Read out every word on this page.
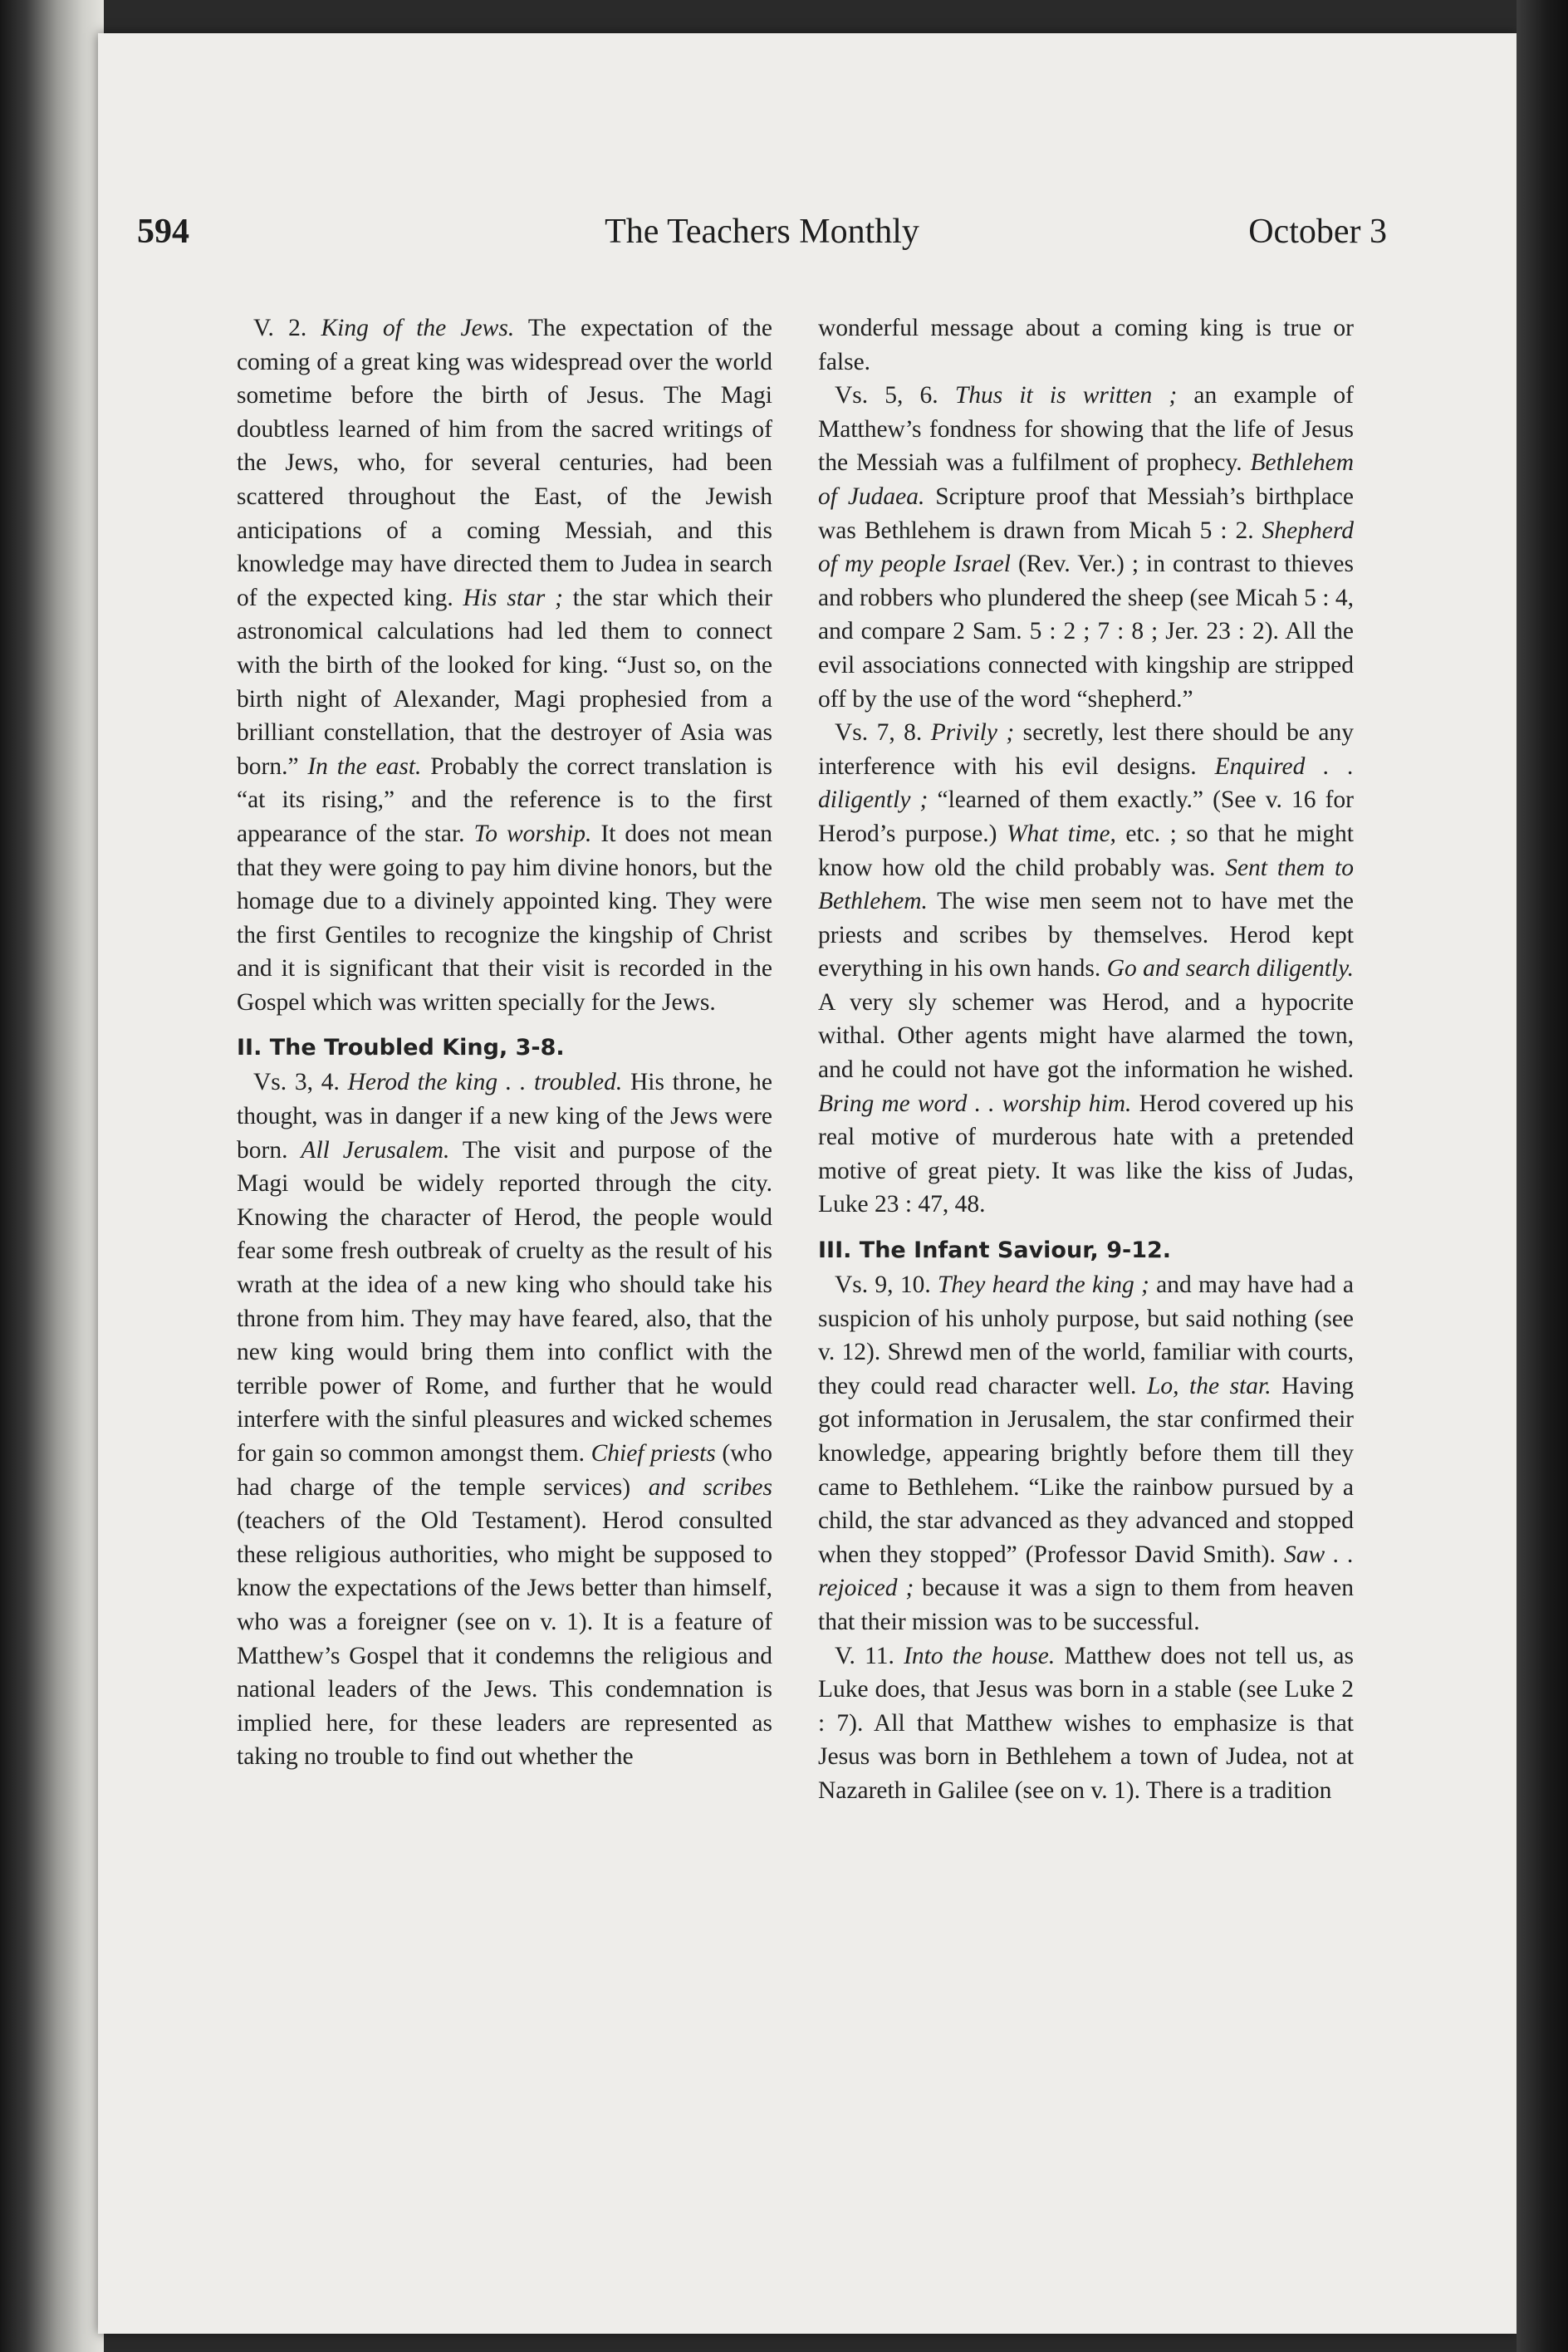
594	The Teachers Monthly	October 3

V. 2. King of the Jews. The expectation of the coming of a great king was widespread over the world sometime before the birth of Jesus. The Magi doubtless learned of him from the sacred writings of the Jews, who, for several centuries, had been scattered throughout the East, of the Jewish anticipations of a coming Messiah, and this knowledge may have directed them to Judea in search of the expected king. His star ; the star which their astronomical calculations had led them to connect with the birth of the looked for king. “Just so, on the birth night of Alexander, Magi prophesied from a brilliant constellation, that the destroyer of Asia was born.” In the east. Probably the correct translation is “at its rising,” and the reference is to the first appearance of the star. To worship. It does not mean that they were going to pay him divine honors, but the homage due to a divinely appointed king. They were the first Gentiles to recognize the kingship of Christ and it is significant that their visit is recorded in the Gospel which was written specially for the Jews.

II. The Troubled King, 3-8.

Vs. 3, 4. Herod the king . . troubled. His throne, he thought, was in danger if a new king of the Jews were born. All Jerusalem. The visit and purpose of the Magi would be widely reported through the city. Knowing the character of Herod, the people would fear some fresh outbreak of cruelty as the result of his wrath at the idea of a new king who should take his throne from him. They may have feared, also, that the new king would bring them into conflict with the terrible power of Rome, and further that he would interfere with the sinful pleasures and wicked schemes for gain so common amongst them. Chief priests (who had charge of the temple services) and scribes (teachers of the Old Testament). Herod consulted these religious authorities, who might be supposed to know the expectations of the Jews better than himself, who was a foreigner (see on v. 1). It is a feature of Matthew’s Gospel that it condemns the religious and national leaders of the Jews. This condemnation is implied here, for these leaders are represented as taking no trouble to find out whether the

wonderful message about a coming king is true or false.

Vs. 5, 6. Thus it is written ; an example of Matthew’s fondness for showing that the life of Jesus the Messiah was a fulfilment of prophecy. Bethlehem of Judaea. Scripture proof that Messiah’s birthplace was Bethlehem is drawn from Micah 5 : 2. Shepherd of my people Israel (Rev. Ver.) ; in contrast to thieves and robbers who plundered the sheep (see Micah 5 : 4, and compare 2 Sam. 5 : 2 ; 7 : 8 ; Jer. 23 : 2). All the evil associations connected with kingship are stripped off by the use of the word “shepherd.”

Vs. 7, 8. Privily ; secretly, lest there should be any interference with his evil designs. Enquired . . diligently ; “learned of them exactly.” (See v. 16 for Herod’s purpose.) What time, etc. ; so that he might know how old the child probably was. Sent them to Bethlehem. The wise men seem not to have met the priests and scribes by themselves. Herod kept everything in his own hands. Go and search diligently. A very sly schemer was Herod, and a hypocrite withal. Other agents might have alarmed the town, and he could not have got the information he wished. Bring me word . . worship him. Herod covered up his real motive of murderous hate with a pretended motive of great piety. It was like the kiss of Judas, Luke 23 : 47, 48.

III. The Infant Saviour, 9-12.

Vs. 9, 10. They heard the king ; and may have had a suspicion of his unholy purpose, but said nothing (see v. 12). Shrewd men of the world, familiar with courts, they could read character well. Lo, the star. Having got information in Jerusalem, the star confirmed their knowledge, appearing brightly before them till they came to Bethlehem. “Like the rainbow pursued by a child, the star advanced as they advanced and stopped when they stopped” (Professor David Smith). Saw . . rejoiced ; because it was a sign to them from heaven that their mission was to be successful.

V. 11. Into the house. Matthew does not tell us, as Luke does, that Jesus was born in a stable (see Luke 2 : 7). All that Matthew wishes to emphasize is that Jesus was born in Bethlehem a town of Judea, not at Nazareth in Galilee (see on v. 1). There is a tradition
